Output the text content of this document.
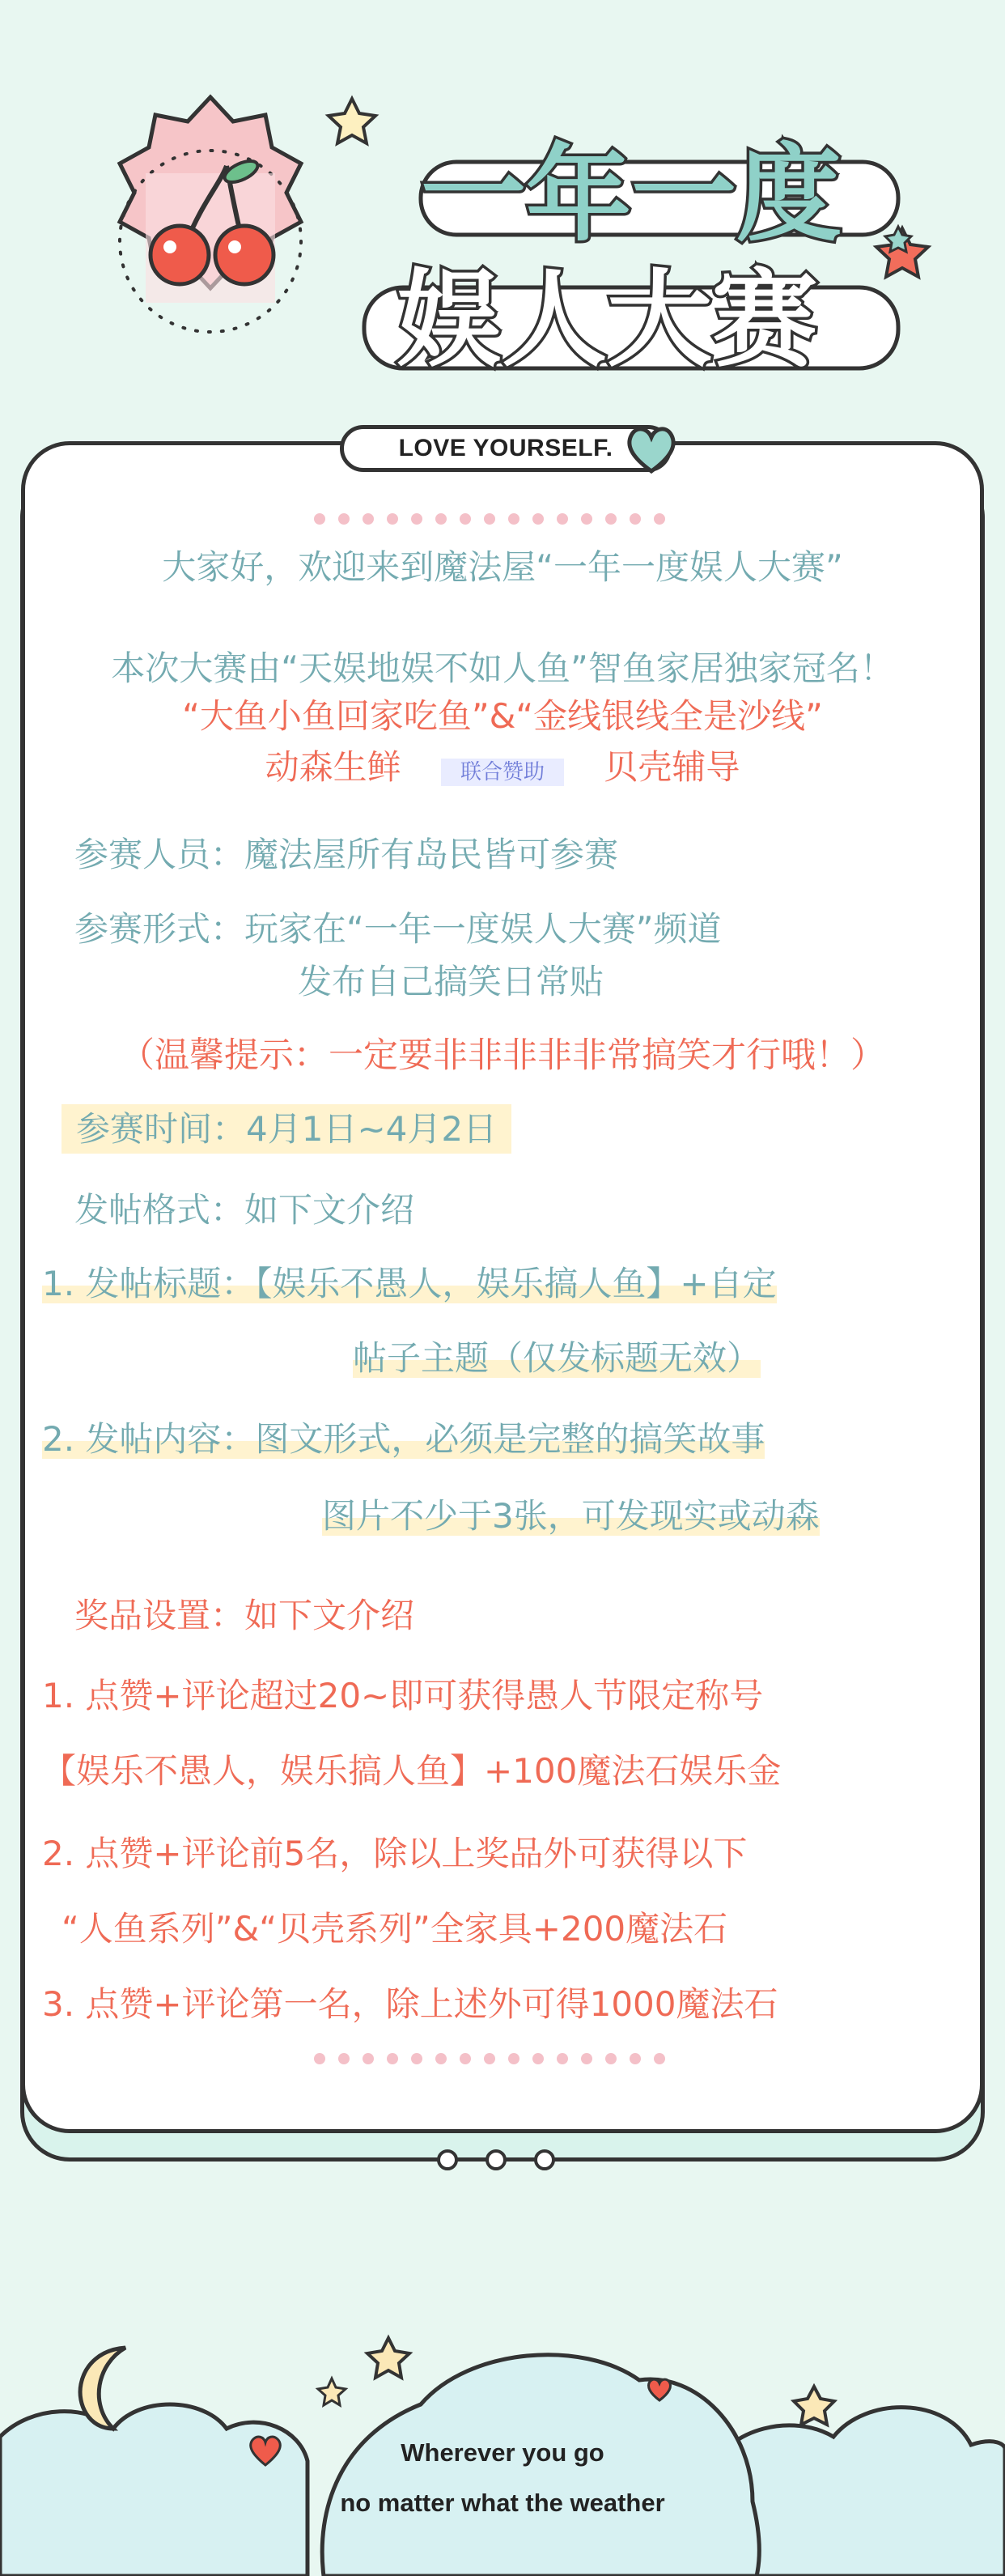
一年一度
娱人大赛
LOVE YOURSELF.
大家好，欢迎来到魔法屋“一年一度娱人大赛”
本次大赛由“天娱地娱不如人鱼”智鱼家居独家冠名！
“大鱼小鱼回家吃鱼”&“金线银线全是沙线”
动森生鲜	联合赞助 贝壳辅导
参赛人员：魔法屋所有岛民皆可参赛
参赛形式：玩家在“一年一度娱人大赛”频道
发布自己搞笑日常贴
（温馨提示：一定要非非非非非常搞笑才行哦！）
参赛时间：4月1日~4月2日
发帖格式：如下文介绍
1. 发帖标题：【娱乐不愚人，娱乐搞人鱼】+自定
帖子主题（仅发标题无效）
2. 发帖内容：图文形式，必须是完整的搞笑故事
图片不少于3张，可发现实或动森
奖品设置：如下文介绍
1. 点赞+评论超过20~即可获得愚人节限定称号
【娱乐不愚人，娱乐搞人鱼】+100魔法石娱乐金
2. 点赞+评论前5名，除以上奖品外可获得以下
“人鱼系列”&“贝壳系列”全家具+200魔法石
3. 点赞+评论第一名，除上述外可得1000魔法石
Wherever you go
no matter what the weather
